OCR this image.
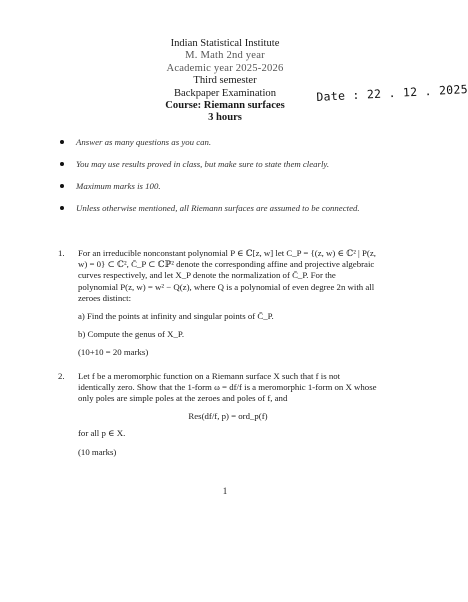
Indian Statistical Institute
M. Math 2nd year
Academic year 2025-2026
Third semester
Backpaper Examination
Course: Riemann surfaces
3 hours
Date : 22 . 12 . 2025
Answer as many questions as you can.
You may use results proved in class, but make sure to state them clearly.
Maximum marks is 100.
Unless otherwise mentioned, all Riemann surfaces are assumed to be connected.
1. For an irreducible nonconstant polynomial P ∈ ℂ[z, w] let C_P = {(z, w) ∈ ℂ² | P(z, w) = 0} ⊂ ℂ², C̄_P ⊂ ℂℙ² denote the corresponding affine and projective algebraic curves respectively, and let X_P denote the normalization of C̄_P. For the polynomial P(z, w) = w² − Q(z), where Q is a polynomial of even degree 2n with all zeroes distinct:

a) Find the points at infinity and singular points of C̄_P.

b) Compute the genus of X_P.

(10+10 = 20 marks)

2. Let f be a meromorphic function on a Riemann surface X such that f is not identically zero. Show that the 1-form ω = df/f is a meromorphic 1-form on X whose only poles are simple poles at the zeroes and poles of f, and

Res(df/f, p) = ord_p(f)

for all p ∈ X.

(10 marks)

1
